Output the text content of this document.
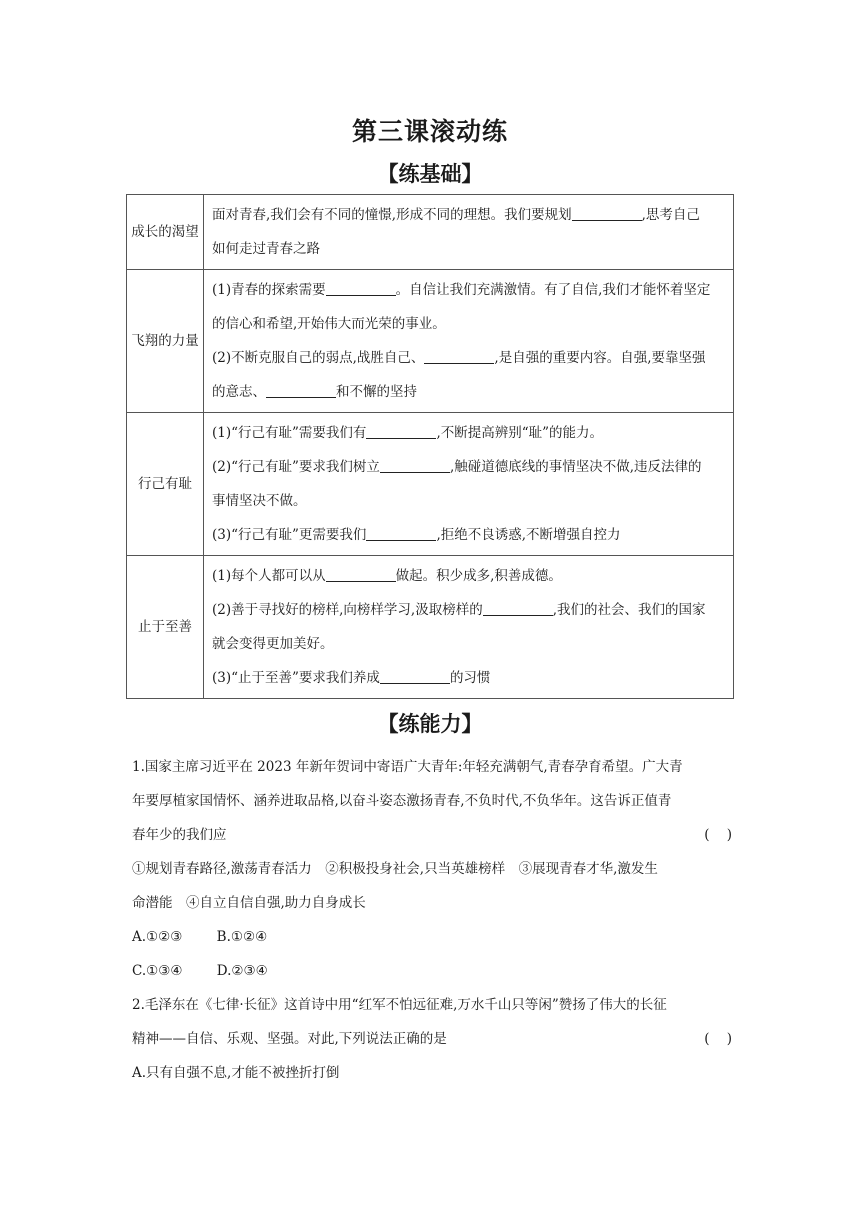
第三课滚动练
【练基础】
成长的渴望	面对青春,我们会有不同的憧憬,形成不同的理想。我们要规划 ,思考自己
如何走过青春之路

飞翔的力量	(1)青春的探索需要 。自信让我们充满激情。有了自信,我们才能怀着坚定
的信心和希望,开始伟大而光荣的事业。
(2)不断克服自己的弱点,战胜自己、 ,是自强的重要内容。自强,要靠坚强
的意志、 和不懈的坚持

行己有耻	(1)“行己有耻”需要我们有 ,不断提高辨别“耻”的能力。
(2)“行己有耻”要求我们树立 ,触碰道德底线的事情坚决不做,违反法律的
事情坚决不做。
(3)“行己有耻”更需要我们 ,拒绝不良诱惑,不断增强自控力

止于至善	(1)每个人都可以从 做起。积少成多,积善成德。
(2)善于寻找好的榜样,向榜样学习,汲取榜样的 ,我们的社会、我们的国家
就会变得更加美好。
(3)“止于至善”要求我们养成 的习惯
【练能力】
1.国家主席习近平在 2023 年新年贺词中寄语广大青年:年轻充满朝气,青春孕育希望。广大青
年要厚植家国情怀、涵养进取品格,以奋斗姿态激扬青春,不负时代,不负华年。这告诉正值青
春年少的我们应	(    )
①规划青春路径,激荡青春活力　②积极投身社会,只当英雄榜样　③展现青春才华,激发生
命潜能　④自立自信自强,助力自身成长
A.①②③	B.①②④
C.①③④	D.②③④
2.毛泽东在《七律·长征》这首诗中用“红军不怕远征难,万水千山只等闲”赞扬了伟大的长征
精神——自信、乐观、坚强。对此,下列说法正确的是	(    )
A.只有自强不息,才能不被挫折打倒
